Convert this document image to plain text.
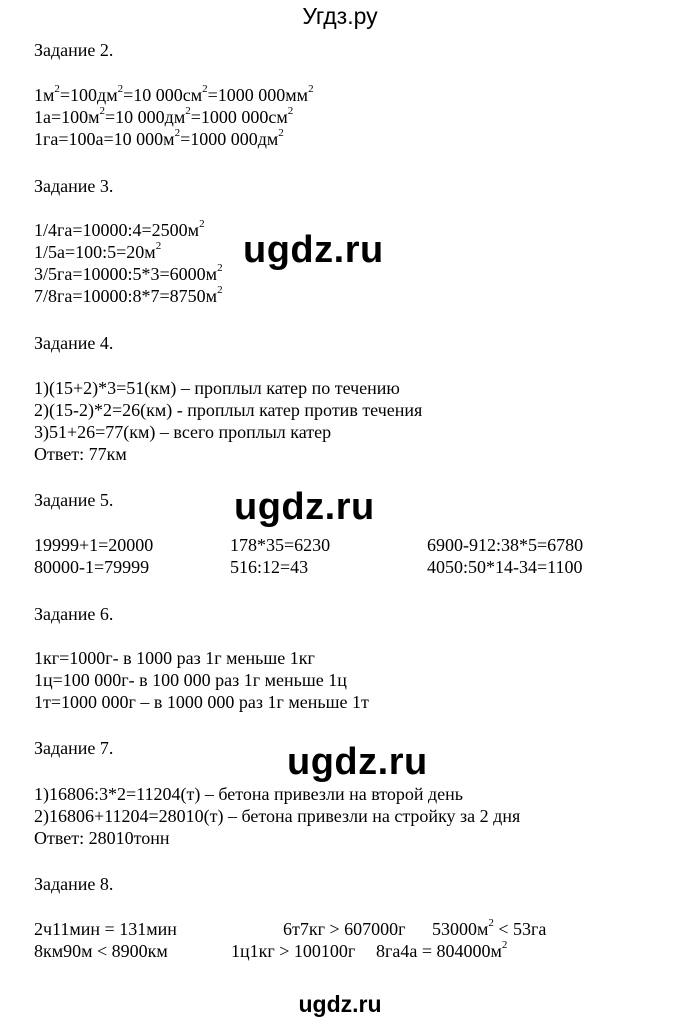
Угдз.ру
Задание 2.
$1м^2=100дм^2=10$ $000см^2=1000$ $000мм^2$
$1а=100м^2=10$ $000дм^2=1000$ $000см^2$
1га=100а=10 $000м^2=1000$ $000дм^2$
Задание 3.
$1/4га=10000:4=2500м^2$
$1/5а=100:5=20м^2$
$3/5га=10000:5*3=6000м^2$
$7/8га=10000:8*7=8750м^2$
ugdz.ru
Задание 4.
1)(15+2)*3=51(км) – проплыл катер по течению
2)(15-2)*2=26(км) - проплыл катер против течения
3)51+26=77(км) – всего проплыл катер
Ответ: 77км
Задание 5.	ugdz.ru
19999+1=20000	178*35=6230	6900-912:38*5=6780
80000-1=79999	516:12=43	4050:50*14-34=1100
Задание 6.
1кг=1000г- в 1000 раз 1г меньше 1кг
1ц=100 000г- в 100 000 раз 1г меньше 1ц
1т=1000 000г – в 1000 000 раз 1г меньше 1т
Задание 7.	ugdz.ru
1)16806:3*2=11204(т) – бетона привезли на второй день
2)16806+11204=28010(т) – бетона привезли на стройку за 2 дня
Ответ: 28010тонн
Задание 8.
2ч11мин = 131мин	6т7кг > 607000г $53000м^2 < 53га$
8км90м < 8900км	1ц1кг > 100100г $8га4а = 804000м^2$
ugdz.ru
